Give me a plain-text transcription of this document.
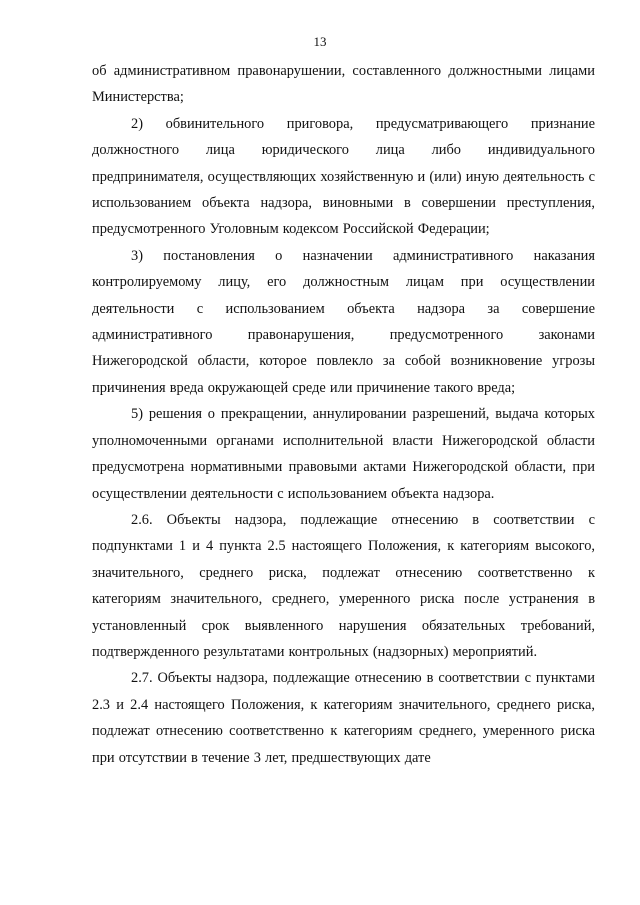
13

об административном правонарушении, составленного должностными лицами Министерства;

2) обвинительного приговора, предусматривающего признание должностного лица юридического лица либо индивидуального предпринимателя, осуществляющих хозяйственную и (или) иную деятельность с использованием объекта надзора, виновными в совершении преступления, предусмотренного Уголовным кодексом Российской Федерации;

3) постановления о назначении административного наказания контролируемому лицу, его должностным лицам при осуществлении деятельности с использованием объекта надзора за совершение административного правонарушения, предусмотренного законами Нижегородской области, которое повлекло за собой возникновение угрозы причинения вреда окружающей среде или причинение такого вреда;

5) решения о прекращении, аннулировании разрешений, выдача которых уполномоченными органами исполнительной власти Нижегородской области предусмотрена нормативными правовыми актами Нижегородской области, при осуществлении деятельности с использованием объекта надзора.

2.6. Объекты надзора, подлежащие отнесению в соответствии с подпунктами 1 и 4 пункта 2.5 настоящего Положения, к категориям высокого, значительного, среднего риска, подлежат отнесению соответственно к категориям значительного, среднего, умеренного риска после устранения в установленный срок выявленного нарушения обязательных требований, подтвержденного результатами контрольных (надзорных) мероприятий.

2.7. Объекты надзора, подлежащие отнесению в соответствии с пунктами 2.3 и 2.4 настоящего Положения, к категориям значительного, среднего риска, подлежат отнесению соответственно к категориям среднего, умеренного риска при отсутствии в течение 3 лет, предшествующих дате
